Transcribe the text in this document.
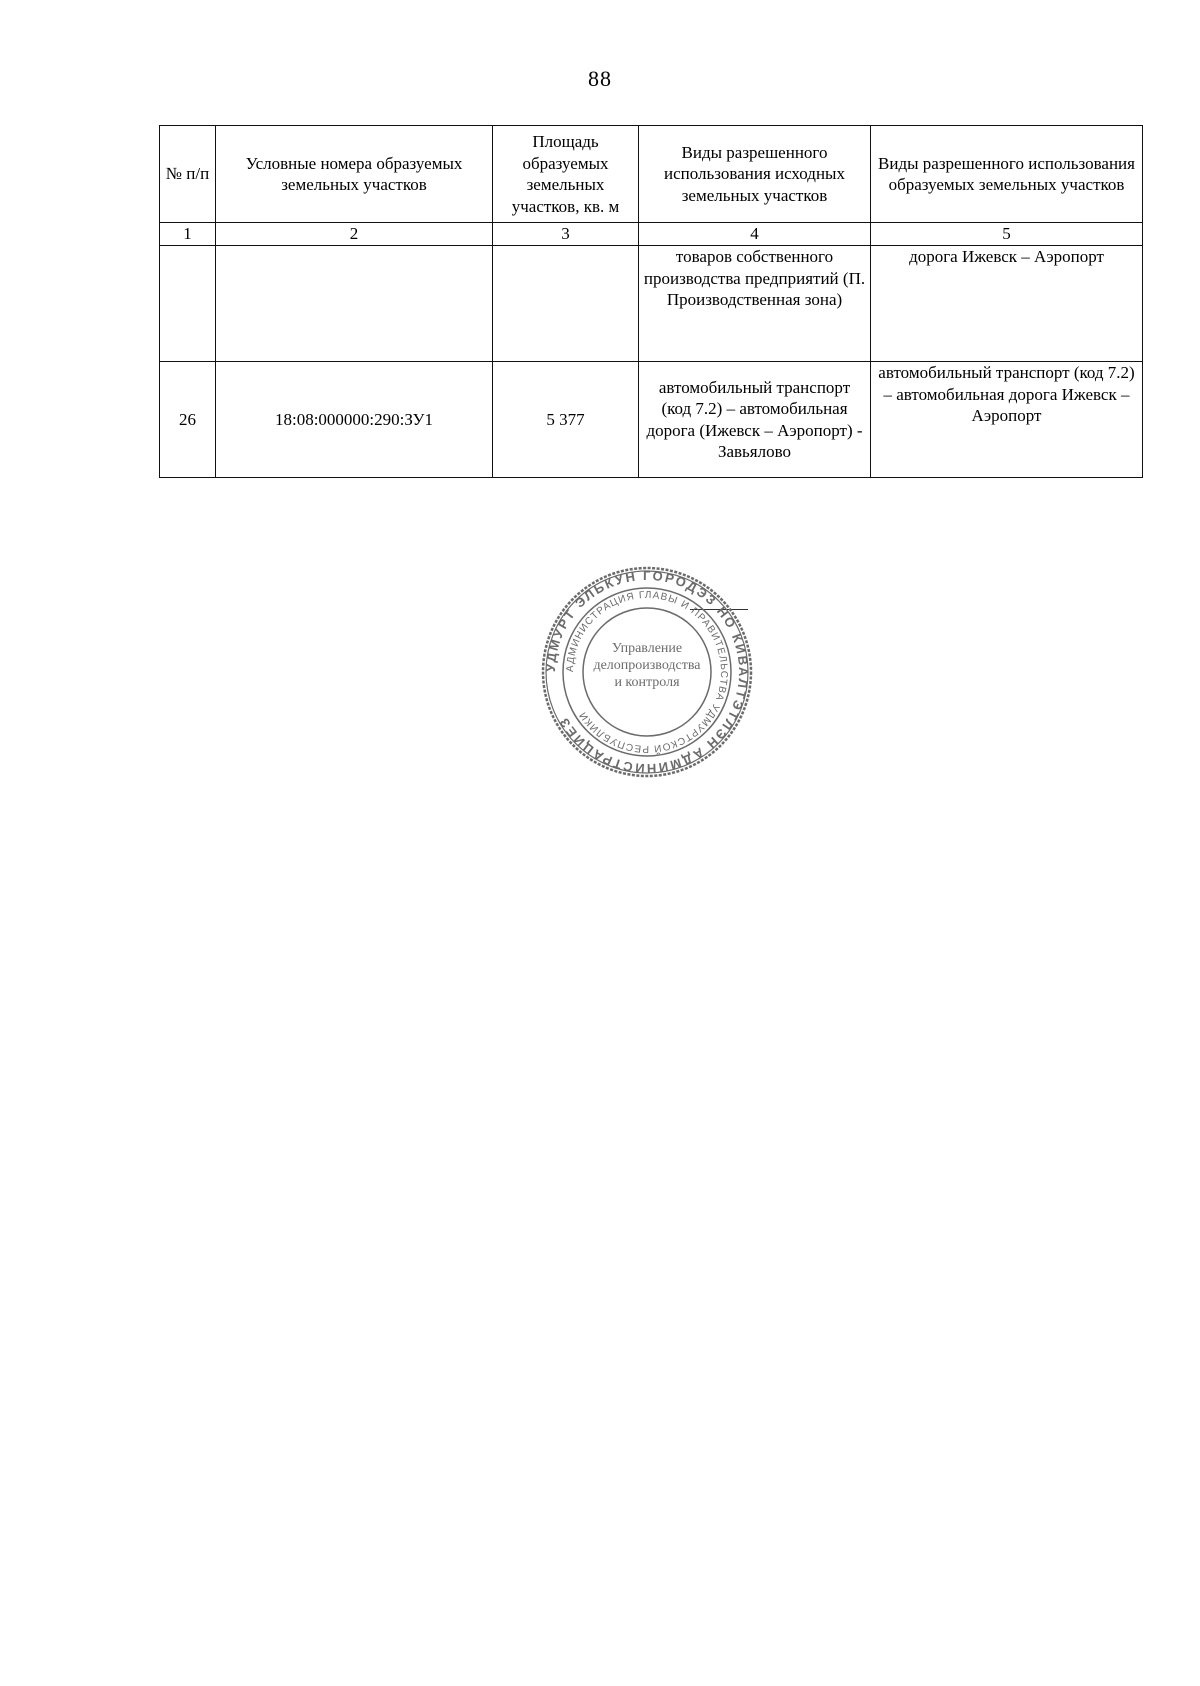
88
№ п/п	Условные номера образуемых земельных участков	Площадь образуемых земельных участков, кв. м	Виды разрешенного использования исходных земельных участков	Виды разрешенного использования образуемых земельных участков
1	2	3	4	5
			товаров собственного производства предприятий (П. Производственная зона)	дорога Ижевск – Аэропорт
26	18:08:000000:290:ЗУ1	5 377	автомобильный транспорт (код 7.2) – автомобильная дорога (Ижевск – Аэропорт) - Завьялово	автомобильный транспорт (код 7.2) – автомобильная дорога Ижевск – Аэропорт
УДМУРТ ЭЛЬКУН ГОРОДЭЗ НО КИВАЛТЭТЛЭН АДМИНИСТРАЦИЕЗ
АДМИНИСТРАЦИЯ ГЛАВЫ И ПРАВИТЕЛЬСТВА УДМУРТСКОЙ РЕСПУБЛИКИ
Управление делопроизводства и контроля
